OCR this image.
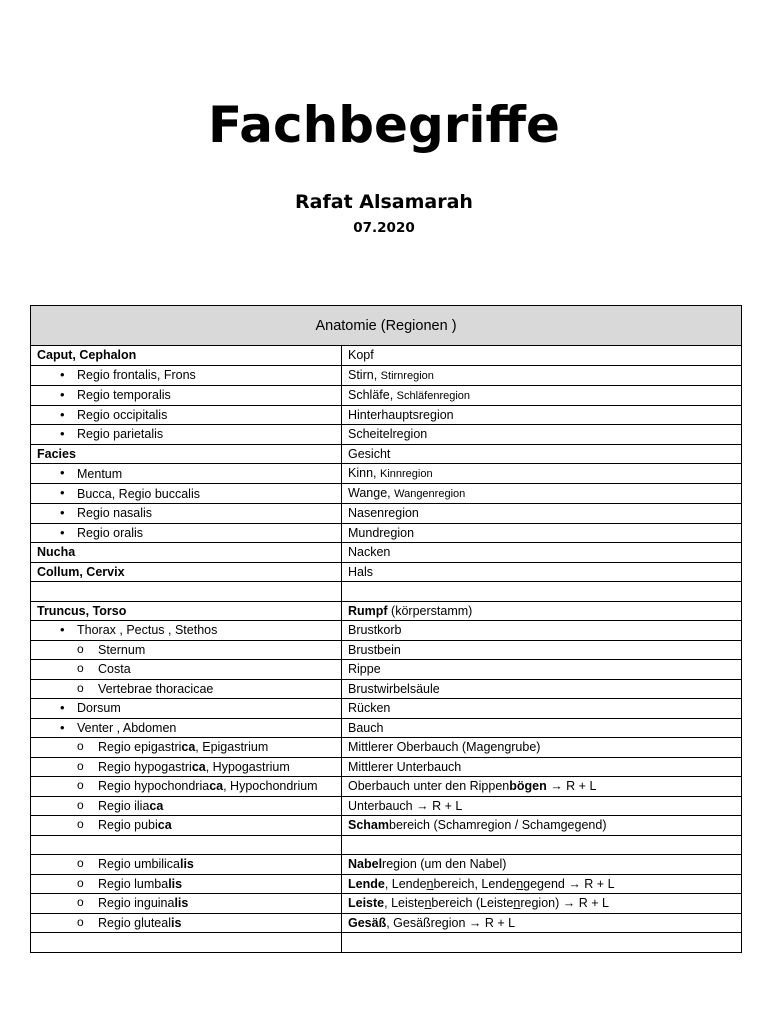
Fachbegriffe
Rafat Alsamarah
07.2020
Anatomie (Regionen )	
Caput, Cephalon	Kopf
• Regio frontalis, Frons	Stirn, Stirnregion
• Regio temporalis	Schläfe, Schläfenregion
• Regio occipitalis	Hinterhauptsregion
• Regio parietalis	Scheitelregion
Facies	Gesicht
• Mentum	Kinn, Kinnregion
• Bucca, Regio buccalis	Wange, Wangenregion
• Regio nasalis	Nasenregion
• Regio oralis	Mundregion
Nucha	Nacken
Collum, Cervix	Hals

Truncus, Torso	Rumpf (körperstamm)
• Thorax , Pectus , Stethos	Brustkorb
o Sternum	Brustbein
o Costa	Rippe
o Vertebrae thoracicae	Brustwirbelsäule
• Dorsum	Rücken
• Venter , Abdomen	Bauch
o Regio epigastrica, Epigastrium	Mittlerer Oberbauch (Magengrube)
o Regio hypogastrica, Hypogastrium	Mittlerer Unterbauch
o Regio hypochondriaca, Hypochondrium	Oberbauch unter den Rippenbögen → R + L
o Regio iliaca	Unterbauch → R + L
o Regio pubica	Schambereich (Schamregion / Schamgegend)

o Regio umbilicalis	Nabelregion (um den Nabel)
o Regio lumbalis	Lende, Lendenbereich, Lendengegend → R + L
o Regio inguinalis	Leiste, Leistenbereich (Leistenregion) → R + L
o Regio glutealis	Gesäß, Gesäßregion → R + L
